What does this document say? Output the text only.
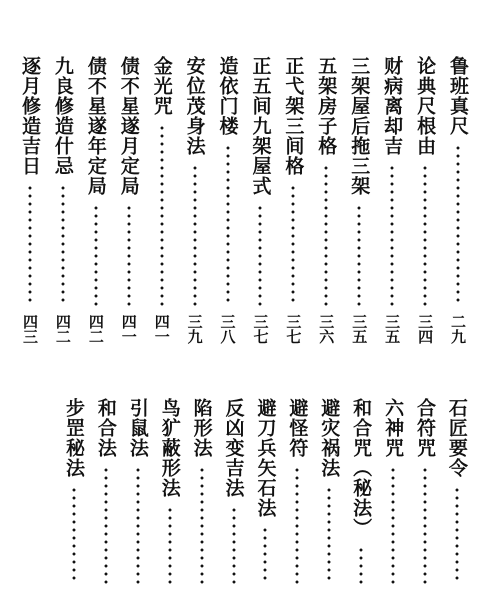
鲁班真尺
二九
论典尺根由
三四
财病离却吉
三五
三架屋后拖三架
三五
五架房子格
三六
正弋架三间格
三七
正五间九架屋式
三七
造依门楼
三八
安位茂身法
三九
金光咒
四一
债不星遂月定局
四一
债不星遂年定局
四二
九良修造什忌
四二
逐月修造吉日
四三
石匠要令
合符咒
六神咒
和合咒（秘法）
避灾祸法
避怪符
避刀兵矢石法
反凶变吉法
陷形法
鸟犷蔽形法
引鼠法
和合法
步罡秘法
